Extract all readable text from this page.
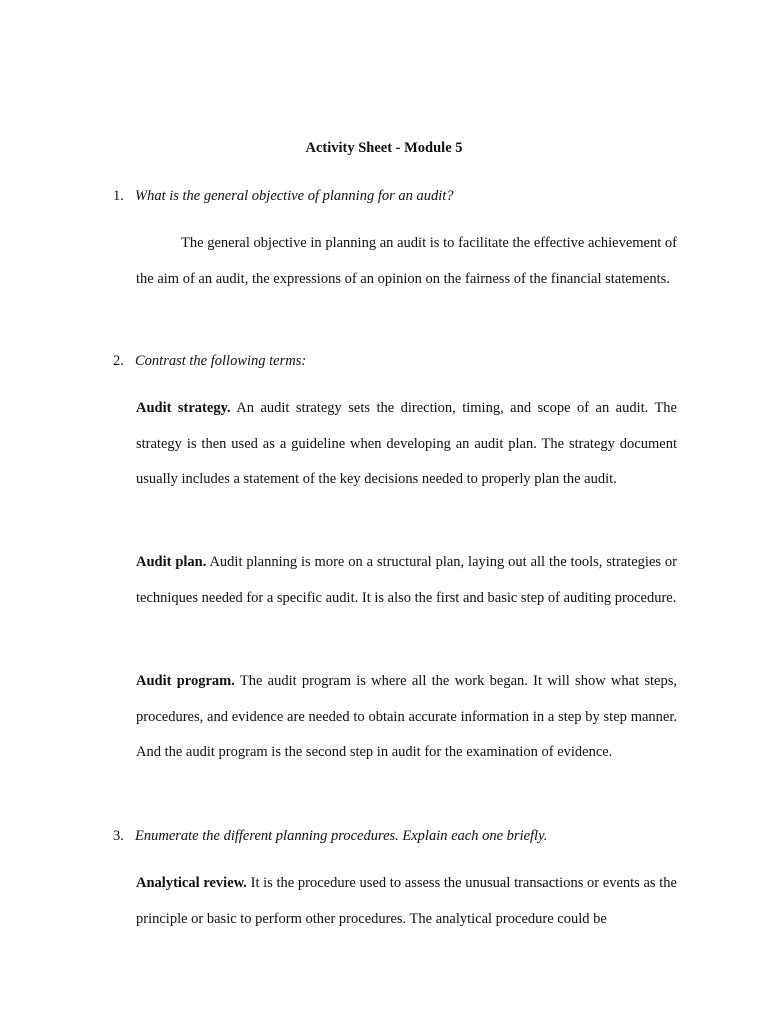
Activity Sheet - Module 5
1. What is the general objective of planning for an audit?
The general objective in planning an audit is to facilitate the effective achievement of the aim of an audit, the expressions of an opinion on the fairness of the financial statements.
2. Contrast the following terms:
Audit strategy. An audit strategy sets the direction, timing, and scope of an audit. The strategy is then used as a guideline when developing an audit plan. The strategy document usually includes a statement of the key decisions needed to properly plan the audit.
Audit plan. Audit planning is more on a structural plan, laying out all the tools, strategies or techniques needed for a specific audit. It is also the first and basic step of auditing procedure.
Audit program. The audit program is where all the work began. It will show what steps, procedures, and evidence are needed to obtain accurate information in a step by step manner. And the audit program is the second step in audit for the examination of evidence.
3. Enumerate the different planning procedures. Explain each one briefly.
Analytical review. It is the procedure used to assess the unusual transactions or events as the principle or basic to perform other procedures. The analytical procedure could be
